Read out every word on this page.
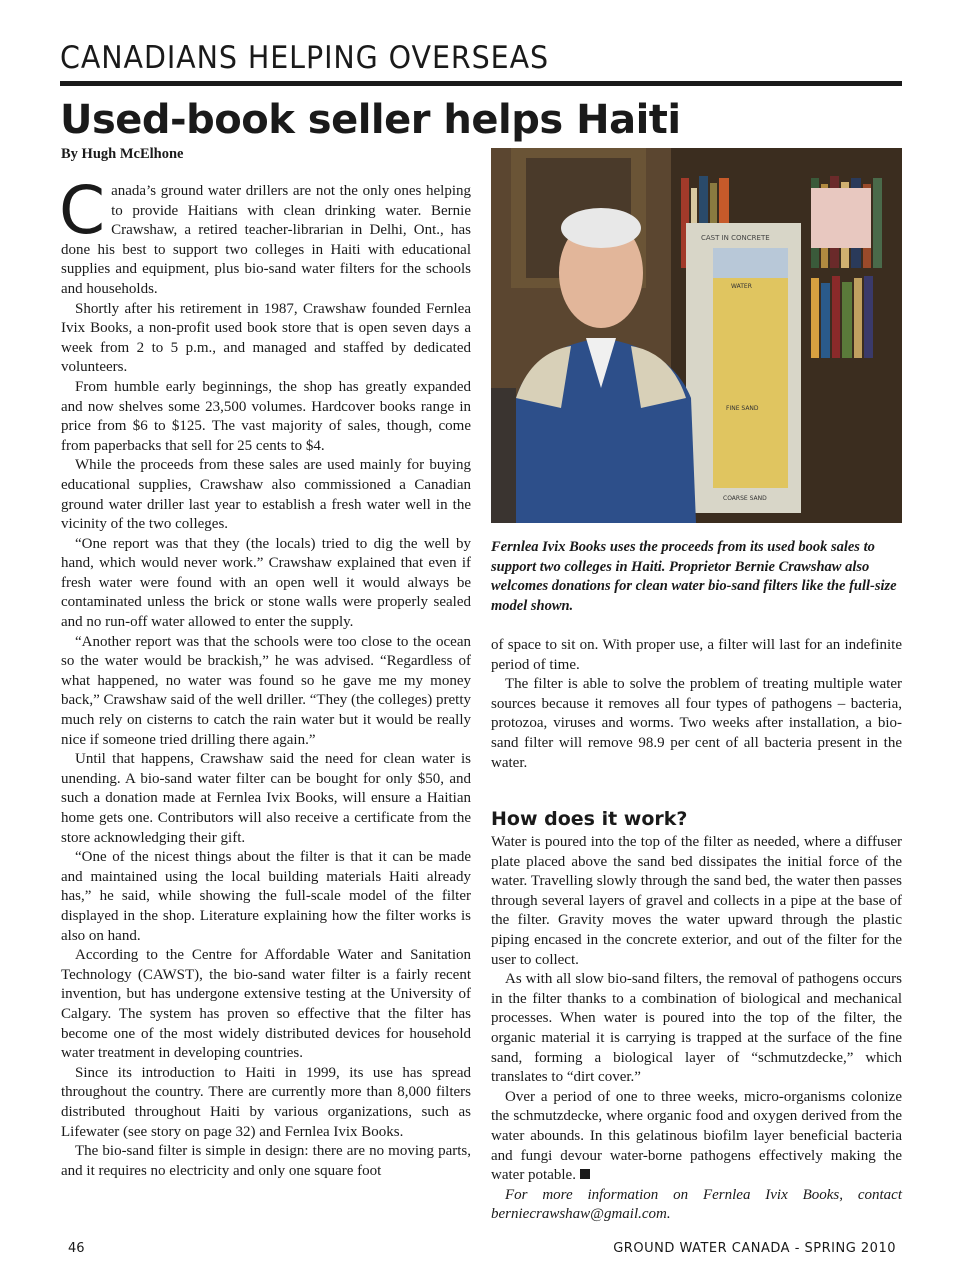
CANADIANS HELPING OVERSEAS
Used-book seller helps Haiti
By Hugh McElhone

Canada’s ground water drillers are not the only ones helping to provide Haitians with clean drinking water. Bernie Crawshaw, a retired teacher-librarian in Delhi, Ont., has done his best to support two colleges in Haiti with educational supplies and equipment, plus bio-sand water filters for the schools and households.

Shortly after his retirement in 1987, Crawshaw founded Fernlea Ivix Books, a non-profit used book store that is open seven days a week from 2 to 5 p.m., and managed and staffed by dedicated volunteers.

From humble early beginnings, the shop has greatly expanded and now shelves some 23,500 volumes. Hardcover books range in price from $6 to $125. The vast majority of sales, though, come from paperbacks that sell for 25 cents to $4.

While the proceeds from these sales are used mainly for buying educational supplies, Crawshaw also commissioned a Canadian ground water driller last year to establish a fresh water well in the vicinity of the two colleges.

“One report was that they (the locals) tried to dig the well by hand, which would never work.” Crawshaw explained that even if fresh water were found with an open well it would always be contaminated unless the brick or stone walls were properly sealed and no run-off water allowed to enter the supply.

“Another report was that the schools were too close to the ocean so the water would be brackish,” he was advised. “Regardless of what happened, no water was found so he gave me my money back,” Crawshaw said of the well driller. “They (the colleges) pretty much rely on cisterns to catch the rain water but it would be really nice if someone tried drilling there again.”

Until that happens, Crawshaw said the need for clean water is unending. A bio-sand water filter can be bought for only $50, and such a donation made at Fernlea Ivix Books, will ensure a Haitian home gets one. Contributors will also receive a certificate from the store acknowledging their gift.

“One of the nicest things about the filter is that it can be made and maintained using the local building materials Haiti already has,” he said, while showing the full-scale model of the filter displayed in the shop. Literature explaining how the filter works is also on hand.

According to the Centre for Affordable Water and Sanitation Technology (CAWST), the bio-sand water filter is a fairly recent invention, but has undergone extensive testing at the University of Calgary. The system has proven so effective that the filter has become one of the most widely distributed devices for household water treatment in developing countries.

Since its introduction to Haiti in 1999, its use has spread throughout the country. There are currently more than 8,000 filters distributed throughout Haiti by various organizations, such as Lifewater (see story on page 32) and Fernlea Ivix Books.

The bio-sand filter is simple in design: there are no moving parts, and it requires no electricity and only one square foot

CAST IN CONCRETE
WATER
FINE SAND
COARSE SAND
Fernlea Ivix Books uses the proceeds from its used book sales to support two colleges in Haiti. Proprietor Bernie Crawshaw also welcomes donations for clean water bio-sand filters like the full-size model shown.

of space to sit on. With proper use, a filter will last for an indefinite period of time.

The filter is able to solve the problem of treating multiple water sources because it removes all four types of pathogens – bacteria, protozoa, viruses and worms. Two weeks after installation, a bio-sand filter will remove 98.9 per cent of all bacteria present in the water.

How does it work?

Water is poured into the top of the filter as needed, where a diffuser plate placed above the sand bed dissipates the initial force of the water. Travelling slowly through the sand bed, the water then passes through several layers of gravel and collects in a pipe at the base of the filter. Gravity moves the water upward through the plastic piping encased in the concrete exterior, and out of the filter for the user to collect.

As with all slow bio-sand filters, the removal of pathogens occurs in the filter thanks to a combination of biological and mechanical processes. When water is poured into the top of the filter, the organic material it is carrying is trapped at the surface of the fine sand, forming a biological layer of “schmutzdecke,” which translates to “dirt cover.”

Over a period of one to three weeks, micro-organisms colonize the schmutzdecke, where organic food and oxygen derived from the water abounds. In this gelatinous biofilm layer beneficial bacteria and fungi devour water-borne pathogens effectively making the water potable.

For more information on Fernlea Ivix Books, contact berniecrawshaw@gmail.com.

46	GROUND WATER CANADA - SPRING 2010
